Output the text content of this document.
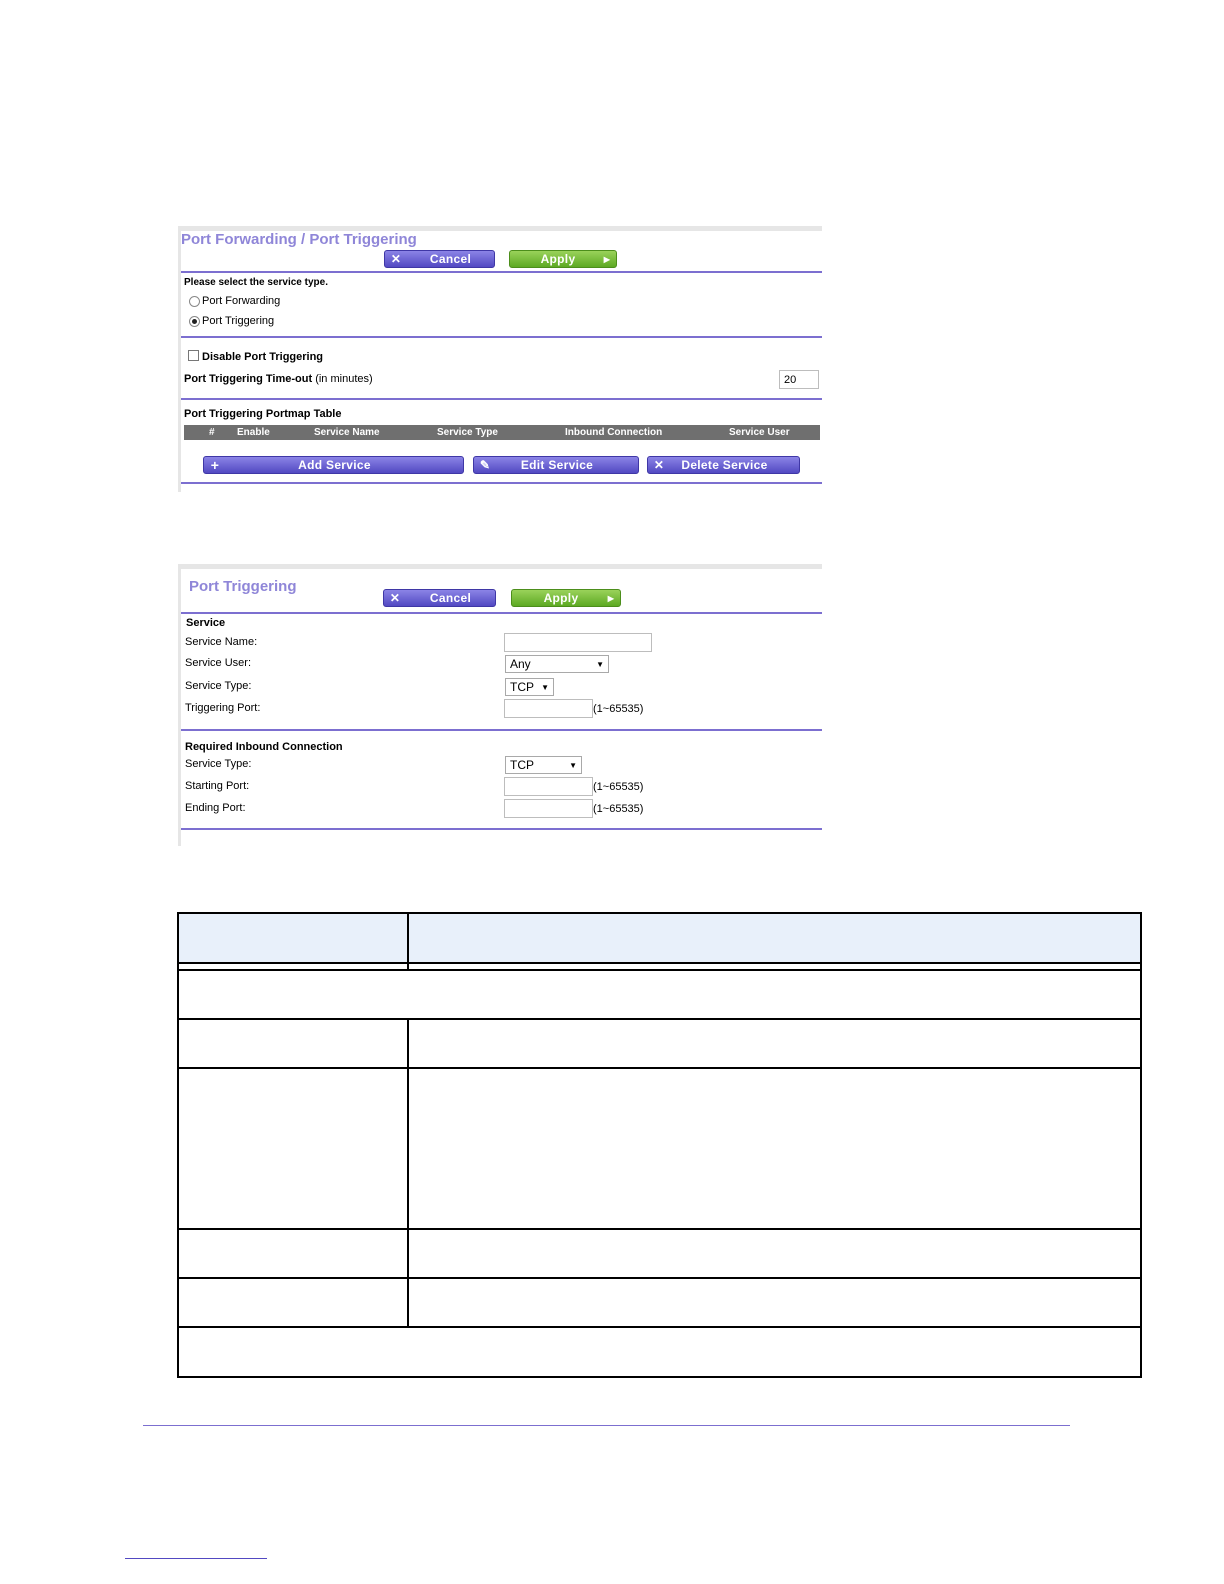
Port Forwarding / Port Triggering
✕	Cancel	Apply	▶
Please select the service type.
Port Forwarding
Port Triggering
Disable Port Triggering
Port Triggering Time-out (in minutes)	20
Port Triggering Portmap Table
# Enable	Service Name	Service Type	Inbound Connection	Service User
+	Add Service	✎	Edit Service	✕	Delete Service
Port Triggering
✕	Cancel	Apply	▶
Service
Service Name:
Service User:	Any	▼
Service Type:	TCP ▼
Triggering Port:	(1~65535)
Required Inbound Connection
Service Type:	TCP	▼
Starting Port:	(1~65535)
Ending Port:	(1~65535)
